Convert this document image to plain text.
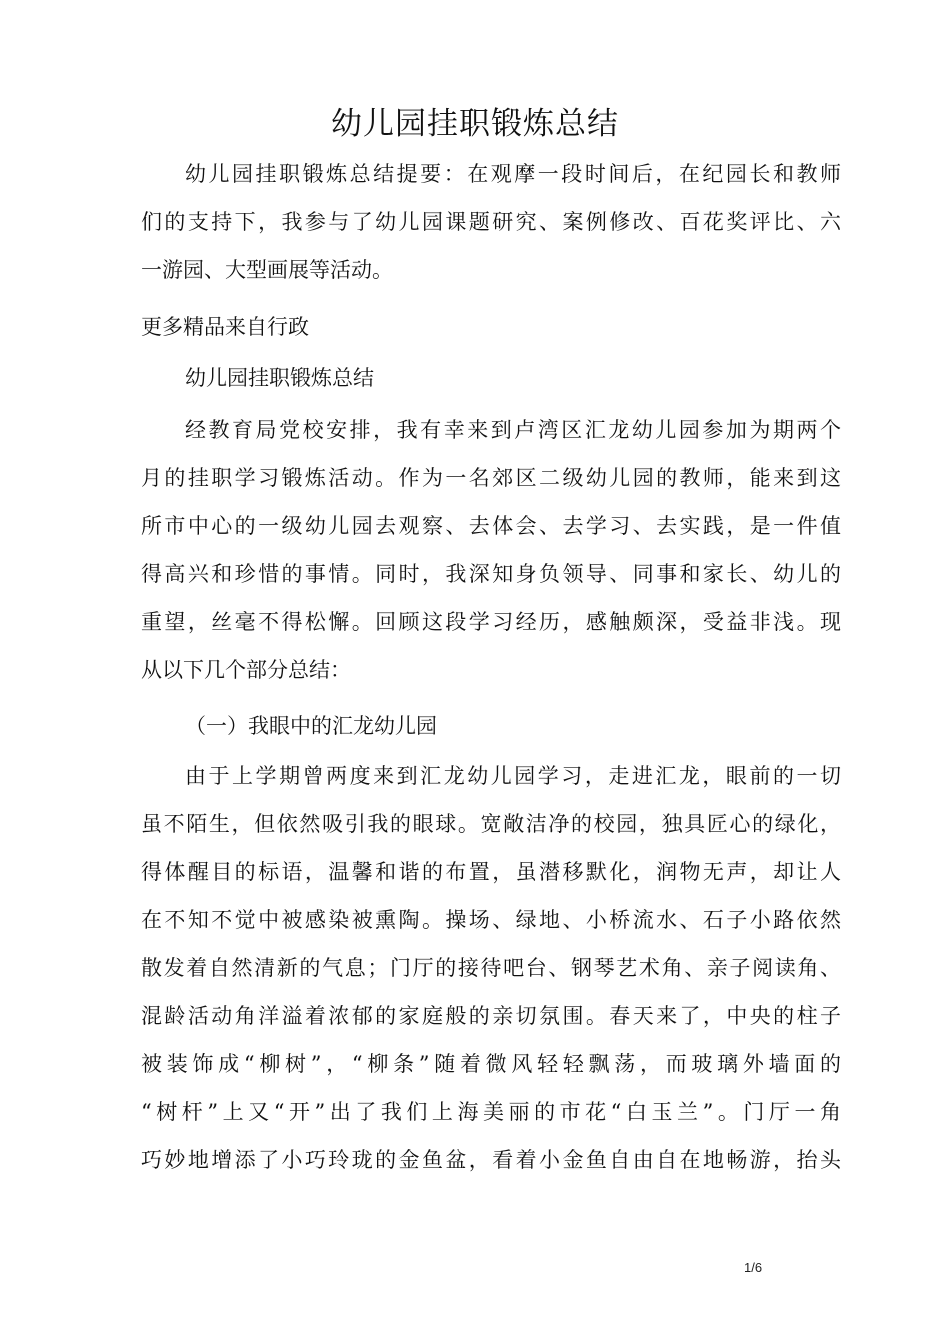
幼儿园挂职锻炼总结
幼儿园挂职锻炼总结提要：在观摩一段时间后，在纪园长和教师
们的支持下，我参与了幼儿园课题研究、案例修改、百花奖评比、六
一游园、大型画展等活动。
更多精品来自行政
幼儿园挂职锻炼总结
经教育局党校安排，我有幸来到卢湾区汇龙幼儿园参加为期两个
月的挂职学习锻炼活动。作为一名郊区二级幼儿园的教师，能来到这
所市中心的一级幼儿园去观察、去体会、去学习、去实践，是一件值
得高兴和珍惜的事情。同时，我深知身负领导、同事和家长、幼儿的
重望，丝毫不得松懈。回顾这段学习经历，感触颇深，受益非浅。现
从以下几个部分总结：
（一）我眼中的汇龙幼儿园
由于上学期曾两度来到汇龙幼儿园学习，走进汇龙，眼前的一切
虽不陌生，但依然吸引我的眼球。宽敞洁净的校园，独具匠心的绿化，
得体醒目的标语，温馨和谐的布置，虽潜移默化，润物无声，却让人
在不知不觉中被感染被熏陶。操场、绿地、小桥流水、石子小路依然
散发着自然清新的气息；门厅的接待吧台、钢琴艺术角、亲子阅读角、
混龄活动角洋溢着浓郁的家庭般的亲切氛围。春天来了，中央的柱子
被装饰成“柳树”，“柳条”随着微风轻轻飘荡，而玻璃外墙面的
“树杆”上又“开”出了我们上海美丽的市花“白玉兰”。门厅一角
巧妙地增添了小巧玲珑的金鱼盆，看着小金鱼自由自在地畅游，抬头
1/6
